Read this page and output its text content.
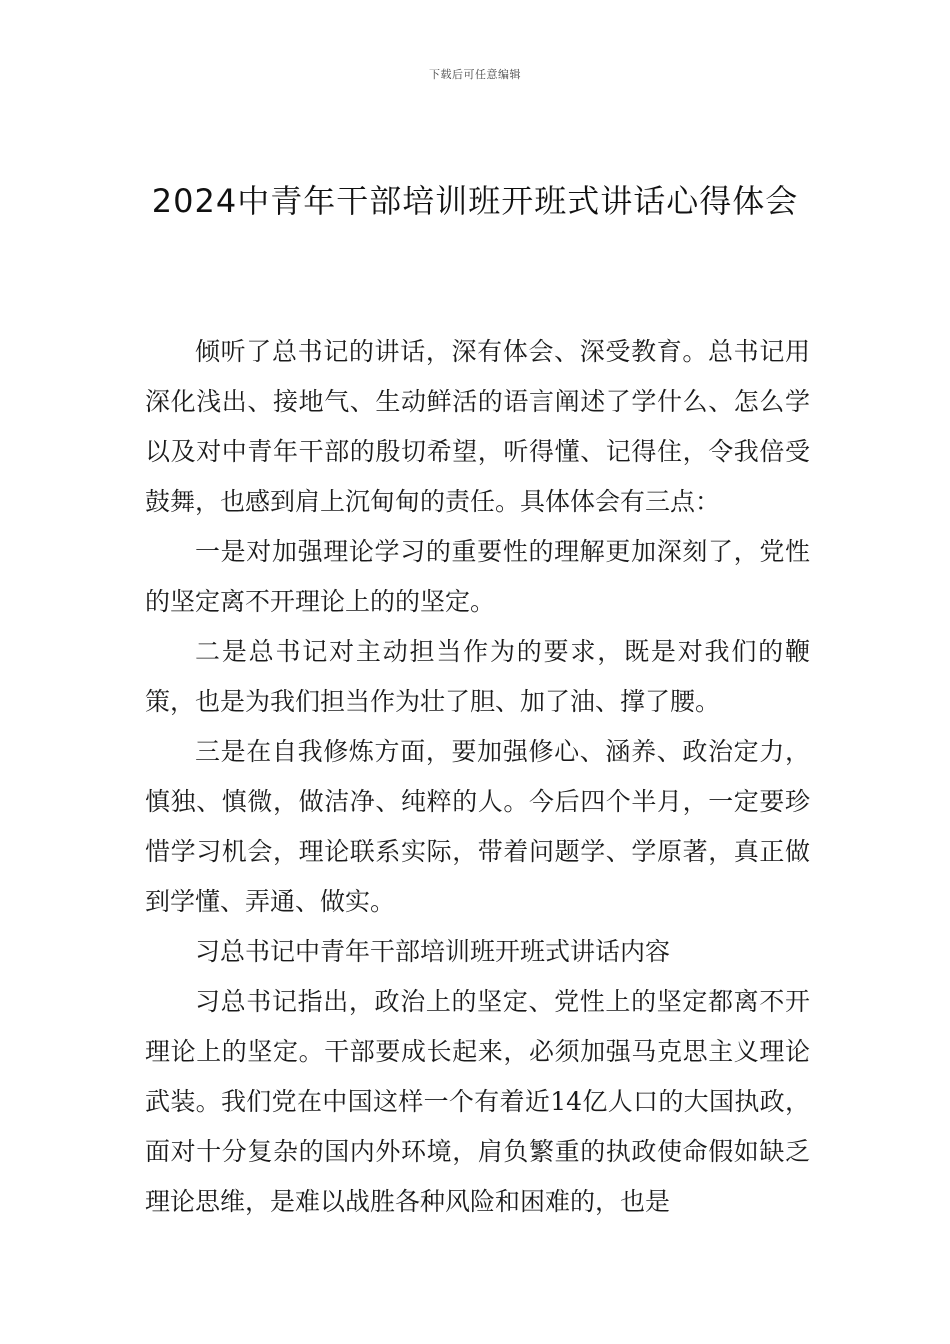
下载后可任意编辑
2024中青年干部培训班开班式讲话心得体会

倾听了总书记的讲话，深有体会、深受教育。总书记用深化浅出、接地气、生动鲜活的语言阐述了学什么、怎么学以及对中青年干部的殷切希望，听得懂、记得住，令我倍受鼓舞，也感到肩上沉甸甸的责任。具体体会有三点：

一是对加强理论学习的重要性的理解更加深刻了，党性的坚定离不开理论上的的坚定。

二是总书记对主动担当作为的要求，既是对我们的鞭策，也是为我们担当作为壮了胆、加了油、撑了腰。

三是在自我修炼方面，要加强修心、涵养、政治定力，慎独、慎微，做洁净、纯粹的人。今后四个半月，一定要珍惜学习机会，理论联系实际，带着问题学、学原著，真正做到学懂、弄通、做实。

习总书记中青年干部培训班开班式讲话内容

习总书记指出，政治上的坚定、党性上的坚定都离不开理论上的坚定。干部要成长起来，必须加强马克思主义理论武装。我们党在中国这样一个有着近14亿人口的大国执政，面对十分复杂的国内外环境，肩负繁重的执政使命假如缺乏理论思维，是难以战胜各种风险和困难的，也是
